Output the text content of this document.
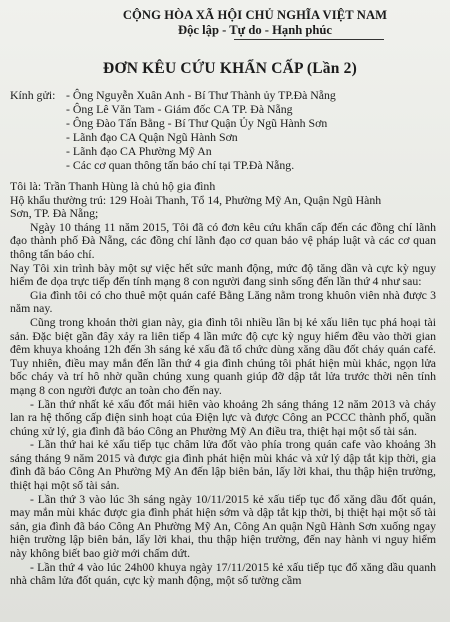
CỘNG HÒA XÃ HỘI CHỦ NGHĨA VIỆT NAM
Độc lập - Tự do - Hạnh phúc
ĐƠN KÊU CỨU KHẨN CẤP (Lần 2)
Kính gửi: - Ông Nguyễn Xuân Anh - Bí Thư Thành ủy TP.Đà Nẵng
- Ông Lê Văn Tam - Giám đốc CA TP. Đà Nẵng
- Ông Đào Tấn Bằng - Bí Thư Quận Ủy Ngũ Hành Sơn
- Lãnh đạo CA Quận Ngũ Hành Sơn
- Lãnh đạo CA Phường Mỹ An
- Các cơ quan thông tấn báo chí tại TP.Đà Nẵng.
Tôi là: Trần Thanh Hùng là chủ hộ gia đình
Hộ khẩu thường trú: 129 Hoài Thanh, Tổ 14, Phường Mỹ An, Quận Ngũ Hành
Sơn, TP. Đà Nẵng;
Ngày 10 tháng 11 năm 2015, Tôi đã có đơn kêu cứu khẩn cấp đến các đồng chí lãnh đạo thành phố Đà Nẵng, các đồng chí lãnh đạo cơ quan bảo vệ pháp luật và các cơ quan thông tấn báo chí.
Nay Tôi xin trình bày một sự việc hết sức manh động, mức độ tăng dần và cực kỳ nguy hiểm đe dọa trực tiếp đến tính mạng 8 con người đang sinh sống đến lần thứ 4 như sau:
Gia đình tôi có cho thuê một quán café Bằng Lăng nằm trong khuôn viên nhà được 3 năm nay.
Cũng trong khoản thời gian này, gia đình tôi nhiều lần bị kẻ xấu liên tục phá hoại tài sản. Đặc biệt gần đây xảy ra liên tiếp 4 lần mức độ cực kỳ nguy hiểm đều vào thời gian đêm khuya khoảng 12h đến 3h sáng kẻ xấu đã tổ chức dùng xăng dầu đốt cháy quán café. Tuy nhiên, điều may mắn đến lần thứ 4 gia đình chúng tôi phát hiện mùi khác, ngọn lửa bốc cháy và trí hô nhờ quần chúng xung quanh giúp đỡ dập tắt lửa trước thời nên tính mạng 8 con người được an toàn cho đến nay.
- Lần thứ nhất kẻ xấu đốt mái hiên vào khoảng 2h sáng tháng 12 năm 2013 và cháy lan ra hệ thống cấp điện sinh hoạt của Điện lực và được Công an PCCC thành phố, quần chúng xử lý, gia đình đã báo Công an Phường Mỹ An điều tra, thiệt hại một số tài sản.
- Lần thứ hai kẻ xấu tiếp tục châm lửa đốt vào phía trong quán cafe vào khoảng 3h sáng tháng 9 năm 2015 và được gia đình phát hiện mùi khác và xử lý dập tắt kịp thời, gia đình đã báo Công An Phường Mỹ An đến lập biên bản, lấy lời khai, thu thập hiện trường, thiệt hại một số tài sản.
- Lần thứ 3 vào lúc 3h sáng ngày 10/11/2015 kẻ xấu tiếp tục đổ xăng dầu đốt quán, may mắn mùi khác được gia đình phát hiện sớm và dập tắt kịp thời, bị thiệt hại một số tài sản, gia đình đã báo Công An Phường Mỹ An, Công An quận Ngũ Hành Sơn xuống ngay hiện trường lập biên bản, lấy lời khai, thu thập hiện trường, đến nay hành vi nguy hiểm này không biết bao giờ mới chấm dứt.
- Lần thứ 4 vào lúc 24h00 khuya ngày 17/11/2015 kẻ xấu tiếp tục đổ xăng dầu quanh nhà châm lửa đốt quán, cực kỳ manh động, một số tường cầm
